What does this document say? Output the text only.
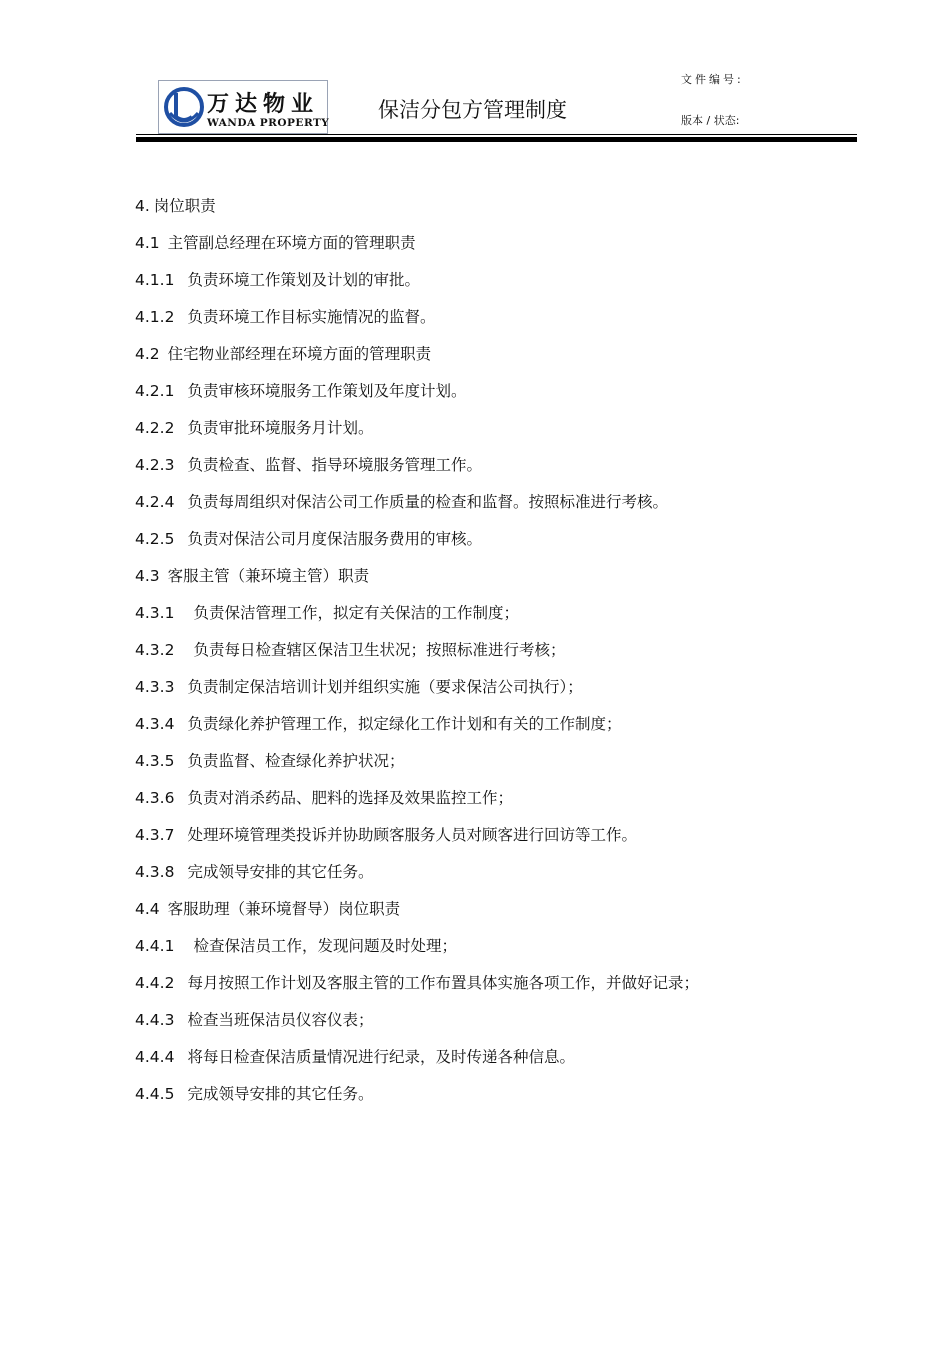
万达物业
WANDA PROPERTY
保洁分包方管理制度
文件编号:
版本 / 状态:
4. 岗位职责
4.1 主管副总经理在环境方面的管理职责
4.1.1 负责环境工作策划及计划的审批。
4.1.2 负责环境工作目标实施情况的监督。
4.2 住宅物业部经理在环境方面的管理职责
4.2.1 负责审核环境服务工作策划及年度计划。
4.2.2 负责审批环境服务月计划。
4.2.3 负责检查、监督、指导环境服务管理工作。
4.2.4 负责每周组织对保洁公司工作质量的检查和监督。按照标准进行考核。
4.2.5 负责对保洁公司月度保洁服务费用的审核。
4.3 客服主管（兼环境主管）职责
4.3.1 负责保洁管理工作，拟定有关保洁的工作制度；
4.3.2 负责每日检查辖区保洁卫生状况；按照标准进行考核；
4.3.3 负责制定保洁培训计划并组织实施（要求保洁公司执行）；
4.3.4 负责绿化养护管理工作，拟定绿化工作计划和有关的工作制度；
4.3.5 负责监督、检查绿化养护状况；
4.3.6 负责对消杀药品、肥料的选择及效果监控工作；
4.3.7 处理环境管理类投诉并协助顾客服务人员对顾客进行回访等工作。
4.3.8 完成领导安排的其它任务。
4.4 客服助理（兼环境督导）岗位职责
4.4.1 检查保洁员工作，发现问题及时处理；
4.4.2 每月按照工作计划及客服主管的工作布置具体实施各项工作，并做好记录；
4.4.3 检查当班保洁员仪容仪表；
4.4.4 将每日检查保洁质量情况进行纪录，及时传递各种信息。
4.4.5 完成领导安排的其它任务。
